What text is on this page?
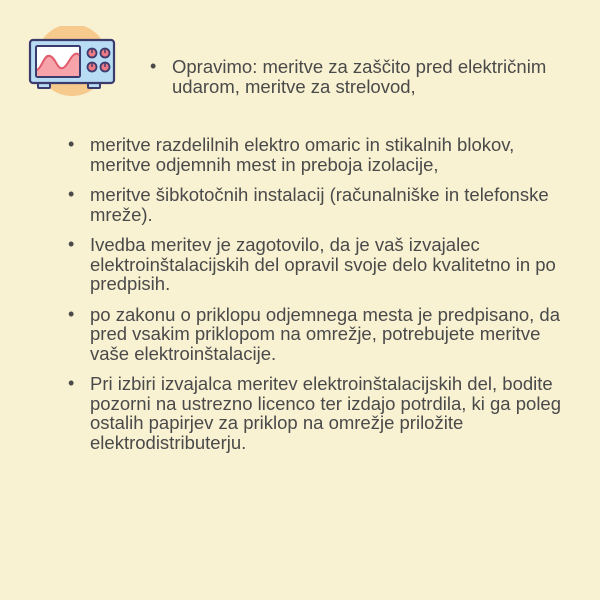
• Opravimo: meritve za zaščito pred električnim udarom, meritve za strelovod,
• meritve razdelilnih elektro omaric in stikalnih blokov, meritve odjemnih mest in preboja izolacije,
• meritve šibkotočnih instalacij (računalniške in telefonske mreže).
• Ivedba meritev je zagotovilo, da je vaš izvajalec elektroinštalacijskih del opravil svoje delo kvalitetno in po predpisih.
• po zakonu o priklopu odjemnega mesta je predpisano, da pred vsakim priklopom na omrežje, potrebujete meritve vaše elektroinštalacije.
• Pri izbiri izvajalca meritev elektroinštalacijskih del, bodite pozorni na ustrezno licenco ter izdajo potrdila, ki ga poleg ostalih papirjev za priklop na omrežje priložite elektrodistributerju.
